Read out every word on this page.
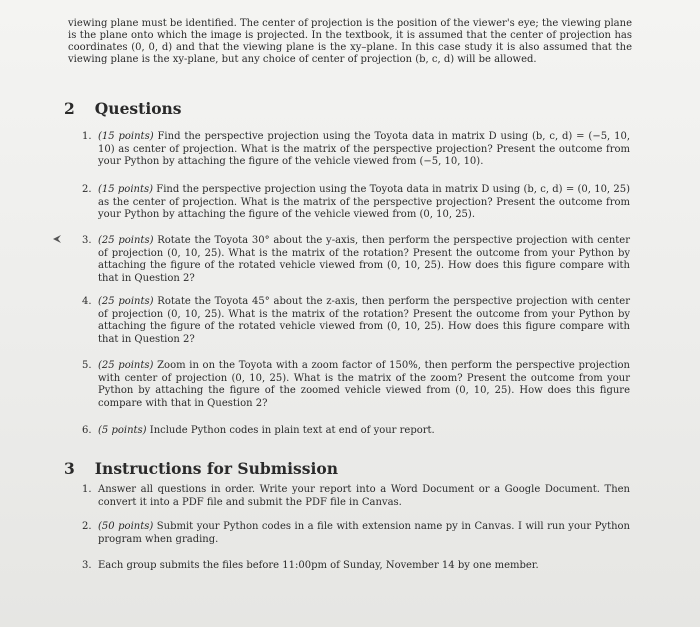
viewing plane must be identified. The center of projection is the position of the viewer's eye; the viewing plane is the plane onto which the image is projected. In the textbook, it is assumed that the center of projection has coordinates (0, 0, d) and that the viewing plane is the xy–plane. In this case study it is also assumed that the viewing plane is the xy-plane, but any choice of center of projection (b, c, d) will be allowed.

2 Questions
1. (15 points) Find the perspective projection using the Toyota data in matrix D using (b, c, d) = (−5, 10, 10) as center of projection. What is the matrix of the perspective projection? Present the outcome from your Python by attaching the figure of the vehicle viewed from (−5, 10, 10).
2. (15 points) Find the perspective projection using the Toyota data in matrix D using (b, c, d) = (0, 10, 25) as the center of projection. What is the matrix of the perspective projection? Present the outcome from your Python by attaching the figure of the vehicle viewed from (0, 10, 25).
3. (25 points) Rotate the Toyota 30° about the y-axis, then perform the perspective projection with center of projection (0, 10, 25). What is the matrix of the rotation? Present the outcome from your Python by attaching the figure of the rotated vehicle viewed from (0, 10, 25). How does this figure compare with that in Question 2?
4. (25 points) Rotate the Toyota 45° about the z-axis, then perform the perspective projection with center of projection (0, 10, 25). What is the matrix of the rotation? Present the outcome from your Python by attaching the figure of the rotated vehicle viewed from (0, 10, 25). How does this figure compare with that in Question 2?
5. (25 points) Zoom in on the Toyota with a zoom factor of 150%, then perform the perspective projection with center of projection (0, 10, 25). What is the matrix of the zoom? Present the outcome from your Python by attaching the figure of the zoomed vehicle viewed from (0, 10, 25). How does this figure compare with that in Question 2?
6. (5 points) Include Python codes in plain text at end of your report.
3 Instructions for Submission
1. Answer all questions in order. Write your report into a Word Document or a Google Document. Then convert it into a PDF file and submit the PDF file in Canvas.
2. (50 points) Submit your Python codes in a file with extension name py in Canvas. I will run your Python program when grading.
3. Each group submits the files before 11:00pm of Sunday, November 14 by one member.
